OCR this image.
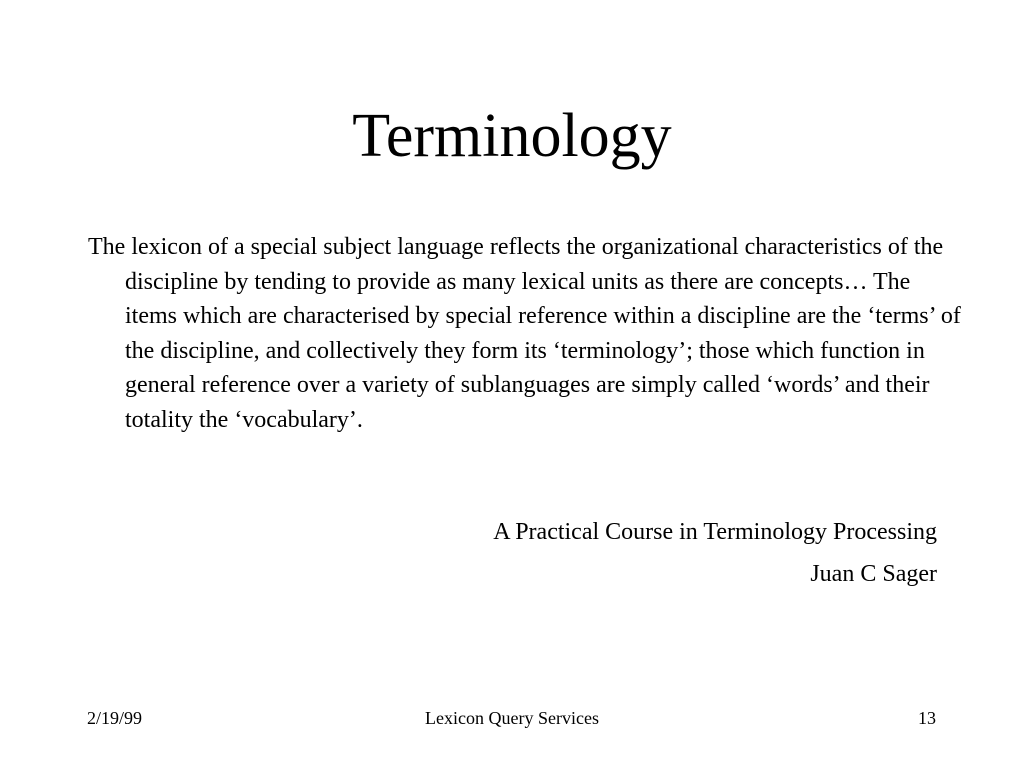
Terminology

The lexicon of a special subject language reflects the organizational characteristics of the discipline by tending to provide as many lexical units as there are concepts… The items which are characterised by special reference within a discipline are the ‘terms’ of the discipline, and collectively they form its ‘terminology’; those which function in general reference over a variety of sublanguages are simply called ‘words’ and their totality the ‘vocabulary’.

A Practical Course in Terminology Processing

Juan C Sager

2/19/99	Lexicon Query Services	13
